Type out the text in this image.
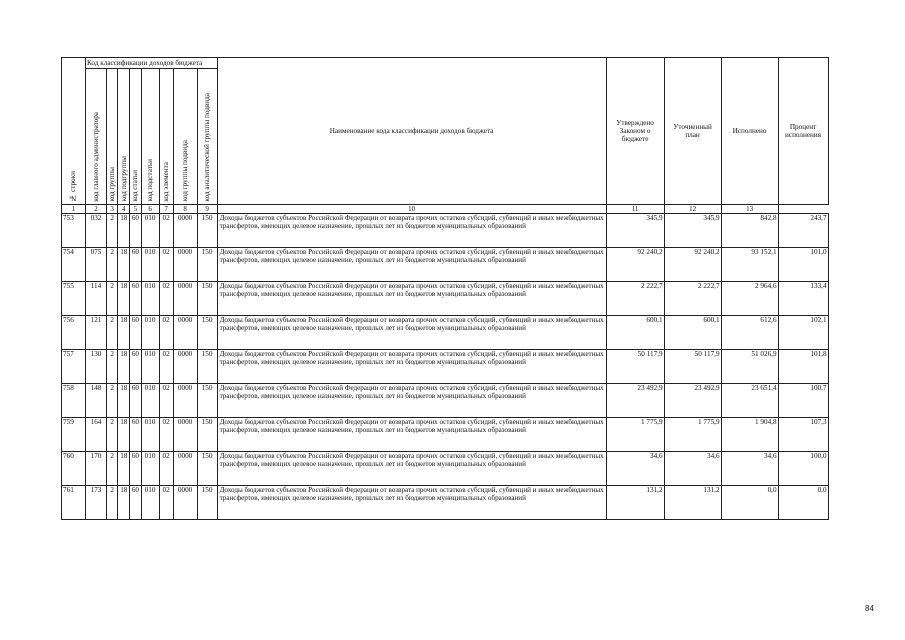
№ строки	Код классификации доходов бюджета								Наименование кода классификации доходов бюджета	Утверждено Законом о бюджете	Уточненный план	Исполнено	Процент исполнения
	код главного администратора	код группы	код подгруппы	код статьи	код подстатьи	код элемента	код группы подвида	код аналитической группы подвида					
1	2	3	4	5	6	7	8	9	10	11	12	13	
753	032	2	18	60	010	02	0000	150	Доходы бюджетов субъектов Российской Федерации от возврата прочих остатков субсидий, субвенций и иных межбюджетных трансфертов, имеющих целевое назначение, прошлых лет из бюджетов муниципальных образований	345,9	345,9	842,8	243,7
754	075	2	18	60	010	02	0000	150	Доходы бюджетов субъектов Российской Федерации от возврата прочих остатков субсидий, субвенций и иных межбюджетных трансфертов, имеющих целевое назначение, прошлых лет из бюджетов муниципальных образований	92 240,2	92 240,2	93 152,1	101,0
755	114	2	18	60	010	02	0000	150	Доходы бюджетов субъектов Российской Федерации от возврата прочих остатков субсидий, субвенций и иных межбюджетных трансфертов, имеющих целевое назначение, прошлых лет из бюджетов муниципальных образований	2 222,7	2 222,7	2 964,6	133,4
756	121	2	18	60	010	02	0000	150	Доходы бюджетов субъектов Российской Федерации от возврата прочих остатков субсидий, субвенций и иных межбюджетных трансфертов, имеющих целевое назначение, прошлых лет из бюджетов муниципальных образований	600,1	600,1	612,6	102,1
757	130	2	18	60	010	02	0000	150	Доходы бюджетов субъектов Российской Федерации от возврата прочих остатков субсидий, субвенций и иных межбюджетных трансфертов, имеющих целевое назначение, прошлых лет из бюджетов муниципальных образований	50 117,9	50 117,9	51 026,9	101,8
758	148	2	18	60	010	02	0000	150	Доходы бюджетов субъектов Российской Федерации от возврата прочих остатков субсидий, субвенций и иных межбюджетных трансфертов, имеющих целевое назначение, прошлых лет из бюджетов муниципальных образований	23 492,9	23 492,9	23 651,4	100,7
759	164	2	18	60	010	02	0000	150	Доходы бюджетов субъектов Российской Федерации от возврата прочих остатков субсидий, субвенций и иных межбюджетных трансфертов, имеющих целевое назначение, прошлых лет из бюджетов муниципальных образований	1 775,9	1 775,9	1 904,8	107,3
760	170	2	18	60	010	02	0000	150	Доходы бюджетов субъектов Российской Федерации от возврата прочих остатков субсидий, субвенций и иных межбюджетных трансфертов, имеющих целевое назначение, прошлых лет из бюджетов муниципальных образований	34,6	34,6	34,6	100,0
761	173	2	18	60	010	02	0000	150	Доходы бюджетов субъектов Российской Федерации от возврата прочих остатков субсидий, субвенций и иных межбюджетных трансфертов, имеющих целевое назначение, прошлых лет из бюджетов муниципальных образований	131,2	131,2	0,0	0,0
84
